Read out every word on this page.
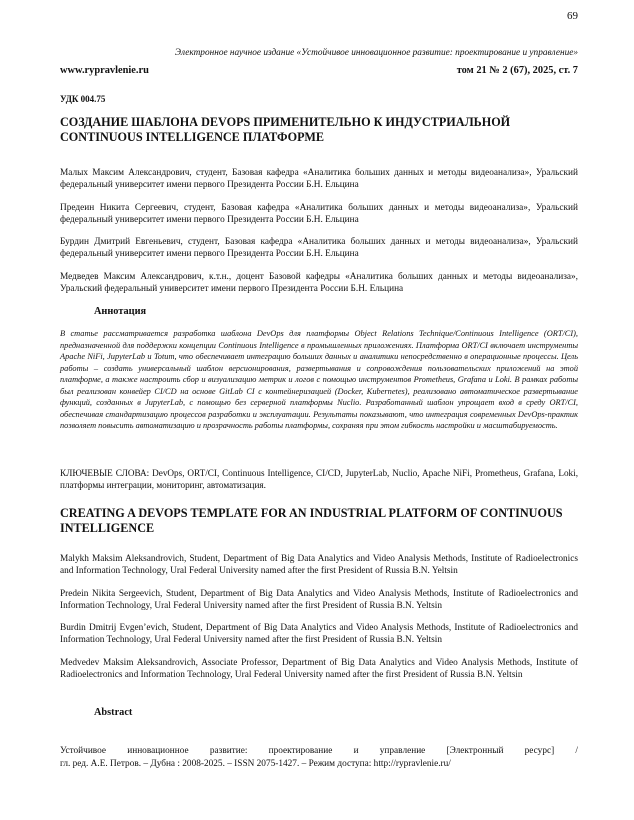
69
Электронное научное издание «Устойчивое инновационное развитие: проектирование и управление»
www.rypravlenie.ru	том 21 № 2 (67), 2025, ст. 7
УДК 004.75
СОЗДАНИЕ ШАБЛОНА DEVOPS ПРИМЕНИТЕЛЬНО К ИНДУСТРИАЛЬНОЙ CONTINUOUS INTELLIGENCE ПЛАТФОРМЕ

Малых Максим Александрович, студент, Базовая кафедра «Аналитика больших данных и методы видеоанализа», Уральский федеральный университет имени первого Президента России Б.Н. Ельцина

Предеин Никита Сергеевич, студент, Базовая кафедра «Аналитика больших данных и методы видеоанализа», Уральский федеральный университет имени первого Президента России Б.Н. Ельцина

Бурдин Дмитрий Евгеньевич, студент, Базовая кафедра «Аналитика больших данных и методы видеоанализа», Уральский федеральный университет имени первого Президента России Б.Н. Ельцина

Медведев Максим Александрович, к.т.н., доцент Базовой кафедры «Аналитика больших данных и методы видеоанализа», Уральский федеральный университет имени первого Президента России Б.Н. Ельцина

Аннотация

В статье рассматривается разработка шаблона DevOps для платформы Object Relations Technique/Continuous Intelligence (ORT/CI), предназначенной для поддержки концепции Continuous Intelligence в промышленных приложениях. Платформа ORT/CI включает инструменты Apache NiFi, JupyterLab и Totum, что обеспечивает интеграцию больших данных и аналитики непосредственно в операционные процессы. Цель работы – создать универсальный шаблон версионирования, развертывания и сопровождения пользовательских приложений на этой платформе, а также настроить сбор и визуализацию метрик и логов с помощью инструментов Prometheus, Grafana и Loki. В рамках работы был реализован конвейер CI/CD на основе GitLab CI с контейнеризацией (Docker, Kubernetes), реализовано автоматическое развертывание функций, созданных в JupyterLab, с помощью без серверной платформы Nuclio. Разработанный шаблон упрощает вход в среду ORT/CI, обеспечивая стандартизацию процессов разработки и эксплуатации. Результаты показывают, что интеграция современных DevOps-практик позволяет повысить автоматизацию и прозрачность работы платформы, сохраняя при этом гибкость настройки и масштабируемость.

КЛЮЧЕВЫЕ СЛОВА: DevOps, ORT/CI, Continuous Intelligence, CI/CD, JupyterLab, Nuclio, Apache NiFi, Prometheus, Grafana, Loki, платформы интеграции, мониторинг, автоматизация.

CREATING A DEVOPS TEMPLATE FOR AN INDUSTRIAL PLATFORM OF CONTINUOUS INTELLIGENCE

Malykh Maksim Aleksandrovich, Student, Department of Big Data Analytics and Video Analysis Methods, Institute of Radioelectronics and Information Technology, Ural Federal University named after the first President of Russia B.N. Yeltsin

Predein Nikita Sergeevich, Student, Department of Big Data Analytics and Video Analysis Methods, Institute of Radioelectronics and Information Technology, Ural Federal University named after the first President of Russia B.N. Yeltsin

Burdin Dmitrij Evgen’evich, Student, Department of Big Data Analytics and Video Analysis Methods, Institute of Radioelectronics and Information Technology, Ural Federal University named after the first President of Russia B.N. Yeltsin

Medvedev Maksim Aleksandrovich, Associate Professor, Department of Big Data Analytics and Video Analysis Methods, Institute of Radioelectronics and Information Technology, Ural Federal University named after the first President of Russia B.N. Yeltsin

Abstract
Устойчивое инновационное развитие: проектирование и управление [Электронный ресурс] /
гл. ред. А.Е. Петров. – Дубна : 2008-2025. – ISSN 2075-1427. – Режим доступа: http://rypravlenie.ru/
